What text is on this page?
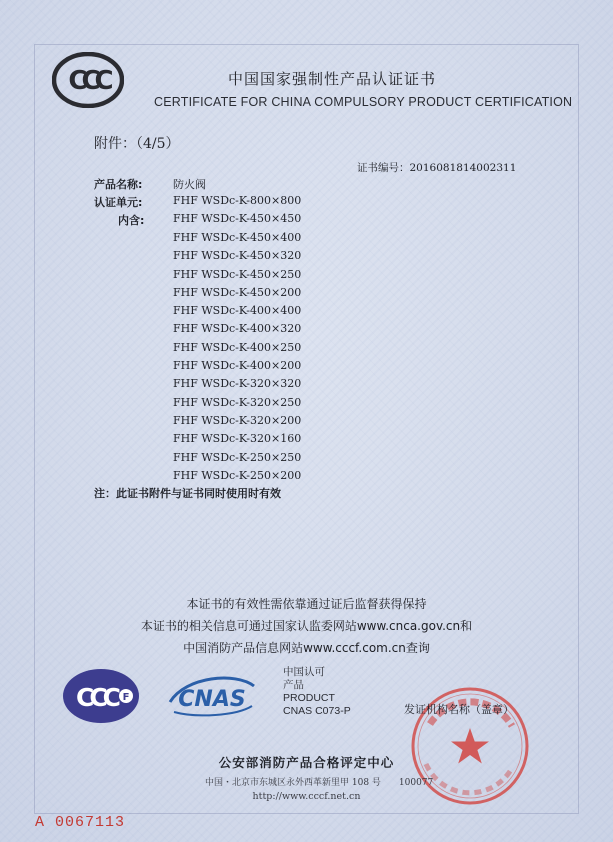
CCC	中国国家强制性产品认证证书
CERTIFICATE FOR CHINA COMPULSORY PRODUCT CERTIFICATION
附件：（4/5）
证书编号：2016081814002311
产品名称:	防火阀
认证单元:	FHF WSDc-K-800×800
内含:	FHF WSDc-K-450×450
FHF WSDc-K-450×400
FHF WSDc-K-450×320
FHF WSDc-K-450×250
FHF WSDc-K-450×200
FHF WSDc-K-400×400
FHF WSDc-K-400×320
FHF WSDc-K-400×250
FHF WSDc-K-400×200
FHF WSDc-K-320×320
FHF WSDc-K-320×250
FHF WSDc-K-320×200
FHF WSDc-K-320×160
FHF WSDc-K-250×250
FHF WSDc-K-250×200
注：此证书附件与证书同时使用时有效
本证书的有效性需依靠通过证后监督获得保持
本证书的相关信息可通过国家认监委网站www.cnca.gov.cn和
中国消防产品信息网站www.cccf.com.cn查询
CCC F CNAS
中国认可
产品
PRODUCT
CNAS C073-P	发证机构名称（盖章）
公安部消防产品合格评定中心
中国・北京市东城区永外西革新里甲 108 号　　100077
http://www.cccf.net.cn
A 0067113
